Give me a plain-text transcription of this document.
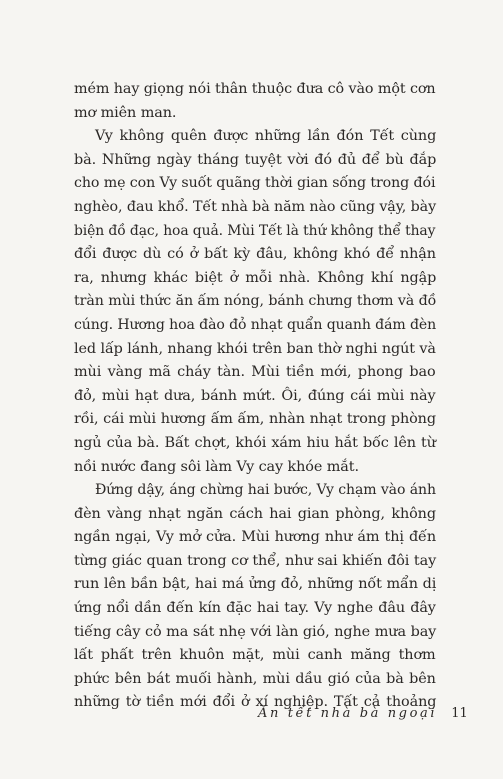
mém hay giọng nói thân thuộc đưa cô vào một cơn
mơ miên man.
Vy không quên được những lần đón Tết cùng
bà. Những ngày tháng tuyệt vời đó đủ để bù đắp
cho mẹ con Vy suốt quãng thời gian sống trong đói
nghèo, đau khổ. Tết nhà bà năm nào cũng vậy, bày
biện đồ đạc, hoa quả. Mùi Tết là thứ không thể thay
đổi được dù có ở bất kỳ đâu, không khó để nhận
ra, nhưng khác biệt ở mỗi nhà. Không khí ngập
tràn mùi thức ăn ấm nóng, bánh chưng thơm và đồ
cúng. Hương hoa đào đỏ nhạt quẩn quanh đám đèn
led lấp lánh, nhang khói trên ban thờ nghi ngút và
mùi vàng mã cháy tàn. Mùi tiền mới, phong bao
đỏ, mùi hạt dưa, bánh mứt. Ôi, đúng cái mùi này
rồi, cái mùi hương ấm ấm, nhàn nhạt trong phòng
ngủ của bà. Bất chợt, khói xám hiu hắt bốc lên từ
nồi nước đang sôi làm Vy cay khóe mắt.
Đứng dậy, áng chừng hai bước, Vy chạm vào ánh
đèn vàng nhạt ngăn cách hai gian phòng, không
ngần ngại, Vy mở cửa. Mùi hương như ám thị đến
từng giác quan trong cơ thể, như sai khiến đôi tay
run lên bần bật, hai má ửng đỏ, những nốt mẩn dị
ứng nổi dần đến kín đặc hai tay. Vy nghe đâu đây
tiếng cây cỏ ma sát nhẹ với làn gió, nghe mưa bay
lất phất trên khuôn mặt, mùi canh măng thơm
phức bên bát muối hành, mùi dầu gió của bà bên
những tờ tiền mới đổi ở xí nghiệp. Tất cả thoảng
Ăn tết nhà bà ngoại 11
